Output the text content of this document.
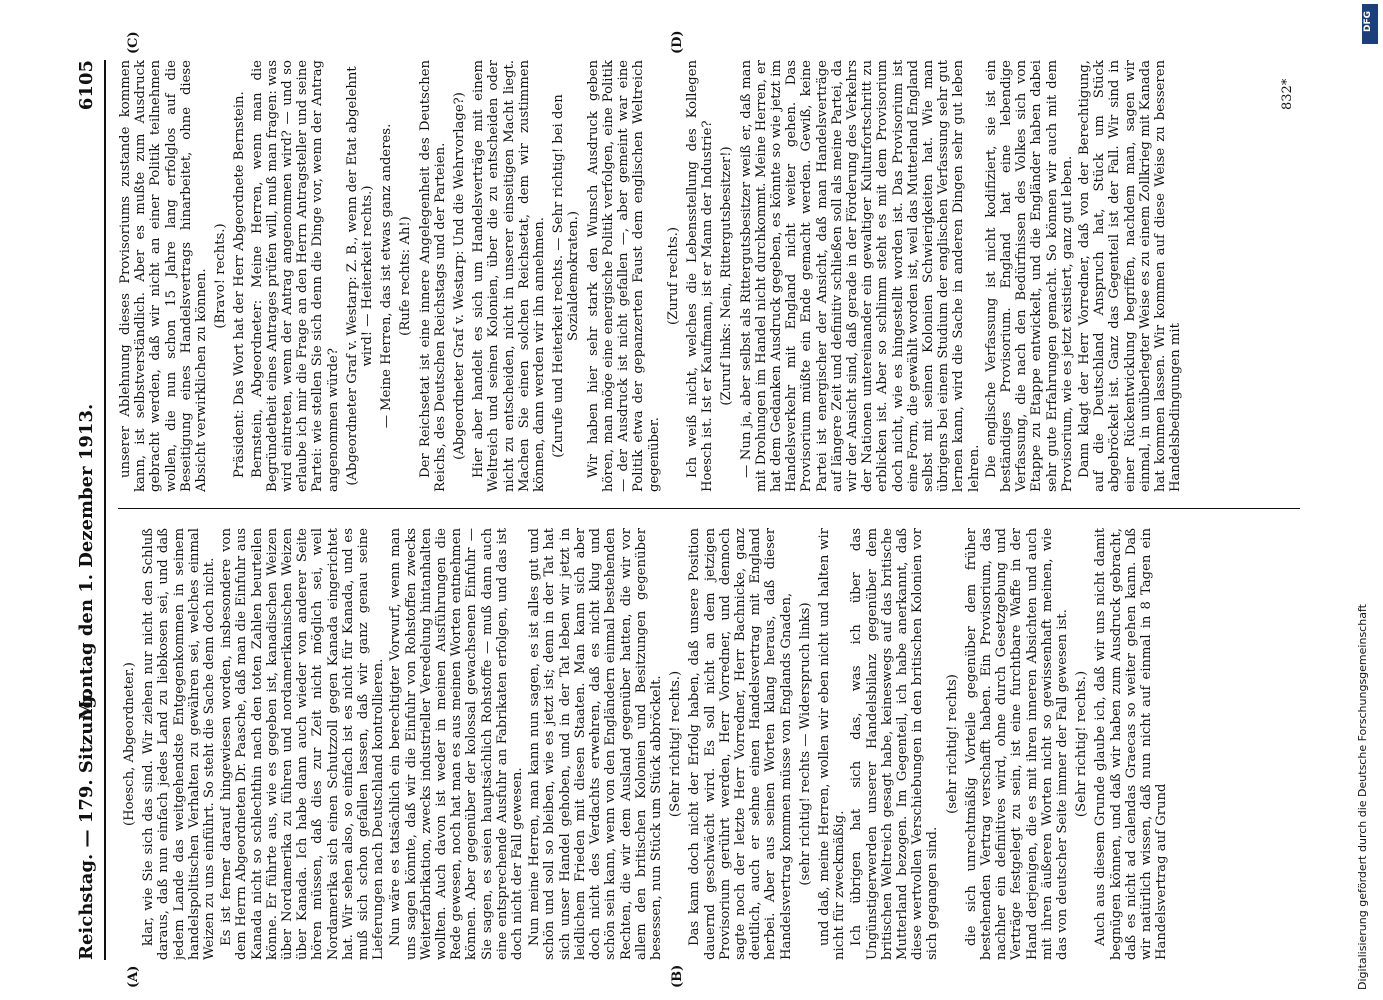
DFG
Digitalisierung gefördert durch die Deutsche Forschungsgemeinschaft
Reichstag. — 179. Sitzung.
Montag den 1. Dezember 1913.
6105
(A)	(B)
(C)	(D)

(Hoesch, Abgeordneter.) klar, wie Sie sich das sind. Wir ziehen nur nicht den Schluß daraus, daß nun einfach jedes Land zu liebkosen sei, und daß jedem Lande das weitgehendste Entgegenkommen in seinem handelspolitischen Verhalten zu gewähren sei, welches einmal Weizen zu uns einführt. So steht die Sache denn doch nicht. Es ist ferner darauf hingewiesen worden, insbesondere von dem Herrn Abgeordneten Dr. Paasche, daß man die Einfuhr aus Kanada nicht so schlechthin nach den toten Zahlen beurteilen könne. Er führte aus, wie es gegeben ist, kanadischen Weizen über Nordamerika zu führen und nordamerikanischen Weizen über Kanada. Ich habe dann auch wieder von anderer Seite hören müssen, daß dies zur Zeit nicht möglich sei, weil Nordamerika sich einen Schutzzoll gegen Kanada eingerichtet hat. Wir sehen also, so einfach ist es nicht für Kanada, und es muß sich schon gefallen lassen, daß wir ganz genau seine Lieferungen nach Deutschland kontrollieren. Nun wäre es tatsächlich ein berechtigter Vorwurf, wenn man uns sagen könnte, daß wir die Einfuhr von Rohstoffen zwecks Weiterfabrikation, zwecks industrieller Veredelung hintanhalten wollten. Auch davon ist weder in meinen Ausführungen die Rede gewesen, noch hat man es aus meinen Worten entnehmen können. Aber gegenüber der kolossal gewachsenen Einfuhr — Sie sagen, es seien hauptsächlich Rohstoffe — muß dann auch eine entsprechende Ausfuhr an Fabrikaten erfolgen, und das ist doch nicht der Fall gewesen. Nun meine Herren, man kann nun sagen, es ist alles gut und schön und soll so bleiben, wie es jetzt ist; denn in der Tat hat sich unser Handel gehoben, und in der Tat leben wir jetzt in leidlichem Frieden mit diesen Staaten. Man kann sich aber doch nicht des Verdachts erwehren, daß es nicht klug und schön sein kann, wenn von den Engländern einmal bestehenden Rechten, die wir dem Ausland gegenüber hatten, die wir vor allem den britischen Kolonien und Besitzungen gegenüber besessen, nun Stück um Stück abbröckelt. (Sehr richtig! rechts.) Das kann doch nicht der Erfolg haben, daß unsere Position dauernd geschwächt wird. Es soll nicht an dem jetzigen Provisorium gerührt werden, Herr Vorredner, und dennoch sagte noch der letzte Herr Vorredner, Herr Bachnicke, ganz deutlich, auch er sehne einen Handelsvertrag mit England herbei. Aber aus seinen Worten klang heraus, daß dieser Handelsvertrag kommen müsse von Englands Gnaden, (sehr richtig! rechts — Widerspruch links) und daß, meine Herren, wollen wir eben nicht und halten wir nicht für zweckmäßig. Ich übrigen hat sich das, was ich über das Ungünstigerwerden unserer Handelsbilanz gegenüber dem britischen Weltreich gesagt habe, keineswegs auf das britische Mutterland bezogen. Im Gegenteil, ich habe anerkannt, daß diese wertvollen Verschiebungen in den britischen Kolonien vor sich gegangen sind.

(sehr richtig! rechts) die sich unrechtmäßig Vorteile gegenüber dem früher bestehenden Vertrag verschafft haben. Ein Provisorium, das nachher ein definitives wird, ohne durch Gesetzgebung und Verträge festgelegt zu sein, ist eine furchtbare Waffe in der Hand derjenigen, die es mit ihren inneren Absichten und auch mit ihren äußeren Worten nicht so gewissenhaft meinen, wie das von deutscher Seite immer der Fall gewesen ist. (Sehr richtig! rechts.) Auch aus diesem Grunde glaube ich, daß wir uns nicht damit begnügen können, und daß wir haben zum Ausdruck gebracht, daß es nicht ad calendas Graecas so weiter gehen kann. Daß wir natürlich wissen, daß nun nicht auf einmal in 8 Tagen ein Handelsvertrag auf Grund

unserer Ablehnung dieses Provisoriums zustande kommen kann, ist selbstverständlich. Aber es mußte zum Ausdruck gebracht werden, daß wir nicht an einer Politik teilnehmen wollen, die nun schon 15 Jahre lang erfolglos auf die Beseitigung eines Handelsvertrags hinarbeitet, ohne diese Absicht verwirklichen zu können. (Bravo! rechts.) Präsident: Das Wort hat der Herr Abgeordnete Bernstein. Bernstein, Abgeordneter: Meine Herren, wenn man die Begründetheit eines Antrages prüfen will, muß man fragen: was wird eintreten, wenn der Antrag angenommen wird? — und so erlaube ich mir die Frage an den Herrn Antragsteller und seine Partei: wie stellen Sie sich denn die Dinge vor, wenn der Antrag angenommen würde? (Abgeordneter Graf v. Westarp: Z. B., wenn der Etat abgelehnt wird! — Heiterkeit rechts.) — Meine Herren, das ist etwas ganz anderes. (Rufe rechts: Ah!) Der Reichsetat ist eine innere Angelegenheit des Deutschen Reichs, des Deutschen Reichstags und der Parteien. (Abgeordneter Graf v. Westarp: Und die Wehrvorlage?) Hier aber handelt es sich um Handelsverträge mit einem Weltreich und seinen Kolonien, über die zu entscheiden oder nicht zu entscheiden, nicht in unserer einseitigen Macht liegt. Machen Sie einen solchen Reichsetat, dem wir zustimmen können, dann werden wir ihn annehmen. (Zurufe und Heiterkeit rechts. — Sehr richtig! bei den Sozialdemokraten.) Wir haben hier sehr stark den Wunsch Ausdruck geben hören, man möge eine energische Politik verfolgen, eine Politik — der Ausdruck ist nicht gefallen —, aber gemeint war eine Politik etwa der gepanzerten Faust dem englischen Weltreich gegenüber.

(Zuruf rechts.) Ich weiß nicht, welches die Lebensstellung des Kollegen Hoesch ist. Ist er Kaufmann, ist er Mann der Industrie? (Zuruf links: Nein, Rittergutsbesitzer!) — Nun ja, aber selbst als Rittergutsbesitzer weiß er, daß man mit Drohungen im Handel nicht durchkommt. Meine Herren, er hat dem Gedanken Ausdruck gegeben, es könnte so wie jetzt im Handelsverkehr mit England nicht weiter gehen. Das Provisorium müßte ein Ende gemacht werden. Gewiß, keine Partei ist energischer der Ansicht, daß man Handelsverträge auf längere Zeit und definitiv schließen soll als meine Partei, da wir der Ansicht sind, daß gerade in der Förderung des Verkehrs der Nationen untereinander ein gewaltiger Kulturfortschritt zu erblicken ist. Aber so schlimm steht es mit dem Provisorium doch nicht, wie es hingestellt worden ist. Das Provisorium ist eine Form, die gewählt worden ist, weil das Mutterland England selbst mit seinen Kolonien Schwierigkeiten hat. Wie man übrigens bei einem Studium der englischen Verfassung sehr gut lernen kann, wird die Sache in anderen Dingen sehr gut leben lehren. Die englische Verfassung ist nicht kodifiziert, sie ist ein beständiges Provisorium. England hat eine lebendige Verfassung, die nach den Bedürfnissen des Volkes sich von Etappe zu Etappe entwickelt, und die Engländer haben dabei sehr gute Erfahrungen gemacht. So können wir auch mit dem Provisorium, wie es jetzt existiert, ganz gut leben. Dann klagt der Herr Vorredner, daß von der Berechtigung, auf die Deutschland Anspruch hat, Stück um Stück abgebröckelt ist. Ganz das Gegenteil ist der Fall. Wir sind in einer Rückentwicklung begriffen, nachdem man, sagen wir einmal, in unüberlegter Weise es zu einem Zollkrieg mit Kanada hat kommen lassen. Wir kommen auf diese Weise zu besseren Handelsbedingungen mit

832*
